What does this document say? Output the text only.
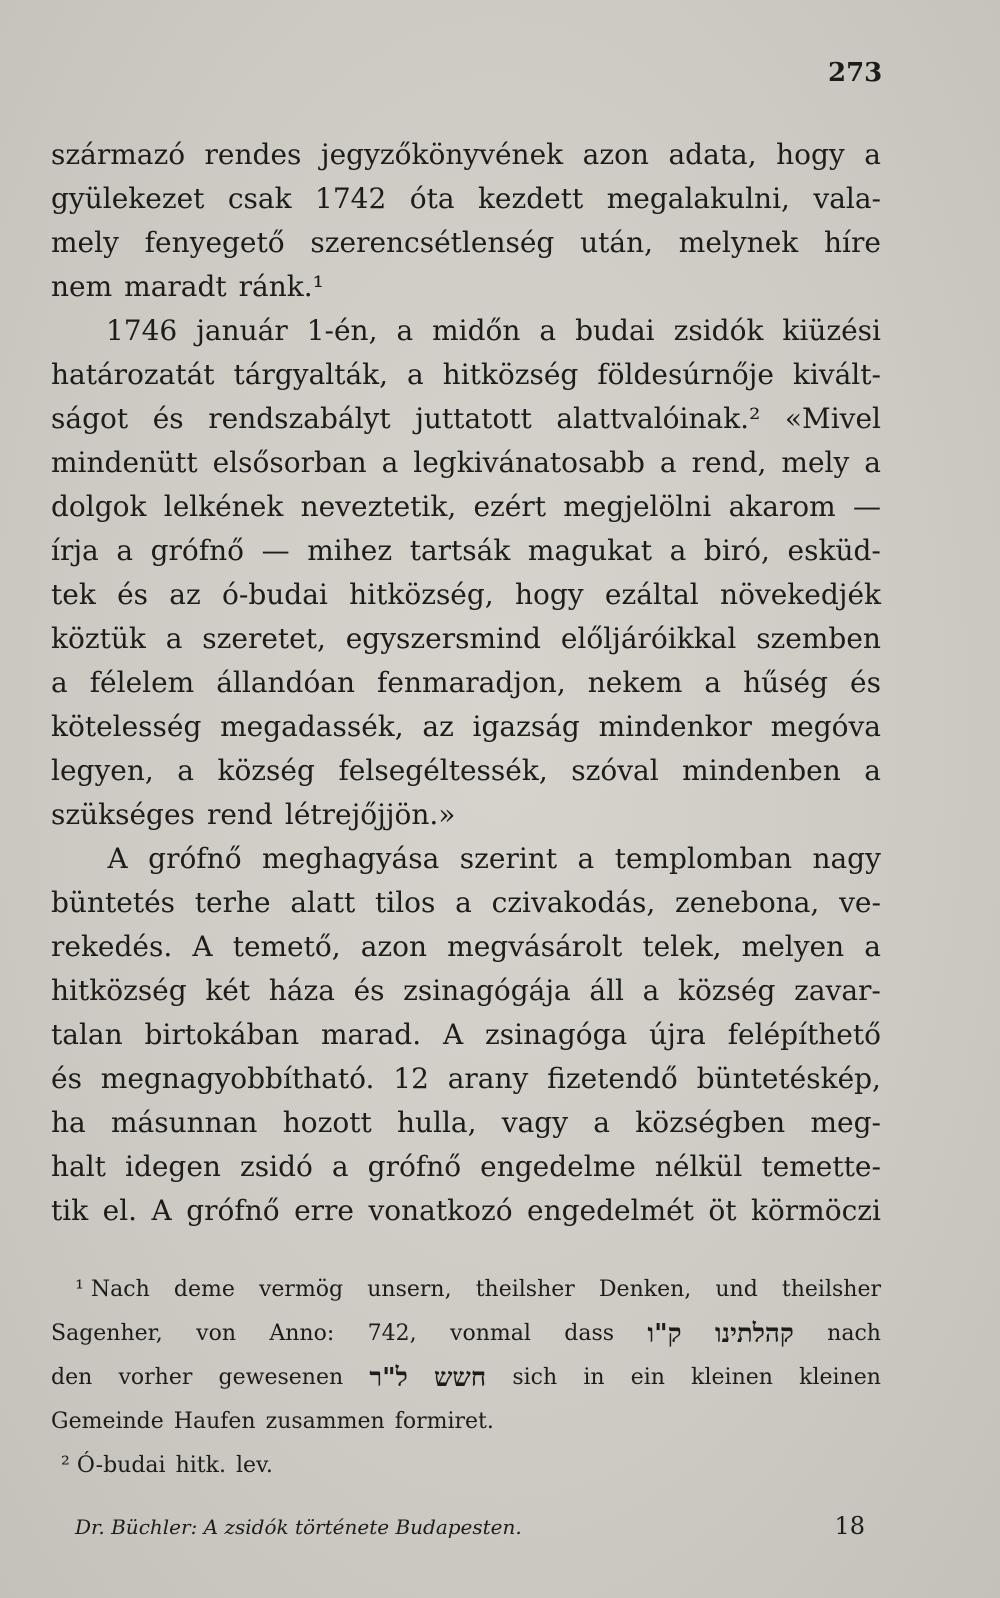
273
származó rendes jegyzőkönyvének azon adata, hogy a
gyülekezet csak 1742 óta kezdett megalakulni, vala-
mely fenyegető szerencsétlenség után, melynek híre
nem maradt ránk.¹
1746 január 1-én, a midőn a budai zsidók kiüzési
határozatát tárgyalták, a hitközség földesúrnője kivált-
ságot és rendszabályt juttatott alattvalóinak.² «Mivel
mindenütt elsősorban a legkivánatosabb a rend, mely a
dolgok lelkének neveztetik, ezért megjelölni akarom —
írja a grófnő — mihez tartsák magukat a biró, esküd-
tek és az ó-budai hitközség, hogy ezáltal növekedjék
köztük a szeretet, egyszersmind előljáróikkal szemben
a félelem állandóan fenmaradjon, nekem a hűség és
kötelesség megadassék, az igazság mindenkor megóva
legyen, a község felsegéltessék, szóval mindenben a
szükséges rend létrejőjjön.»
A grófnő meghagyása szerint a templomban nagy
büntetés terhe alatt tilos a czivakodás, zenebona, ve-
rekedés. A temető, azon megvásárolt telek, melyen a
hitközség két háza és zsinagógája áll a község zavar-
talan birtokában marad. A zsinagóga újra felépíthető
és megnagyobbítható. 12 arany fizetendő büntetéskép,
ha másunnan hozott hulla, vagy a községben meg-
halt idegen zsidó a grófnő engedelme nélkül temette-
tik el. A grófnő erre vonatkozó engedelmét öt körmöczi
¹ Nach deme vermög unsern, theilsher Denken, und theilsher
Sagenher, von Anno: 742, vonmal dass ק"ו קהלתינו nach
den vorher gewesenen ל"ר חשש sich in ein kleinen kleinen
Gemeinde Haufen zusammen formiret.
² Ó-budai hitk. lev.
Dr. Büchler: A zsidók története Budapesten.	18
